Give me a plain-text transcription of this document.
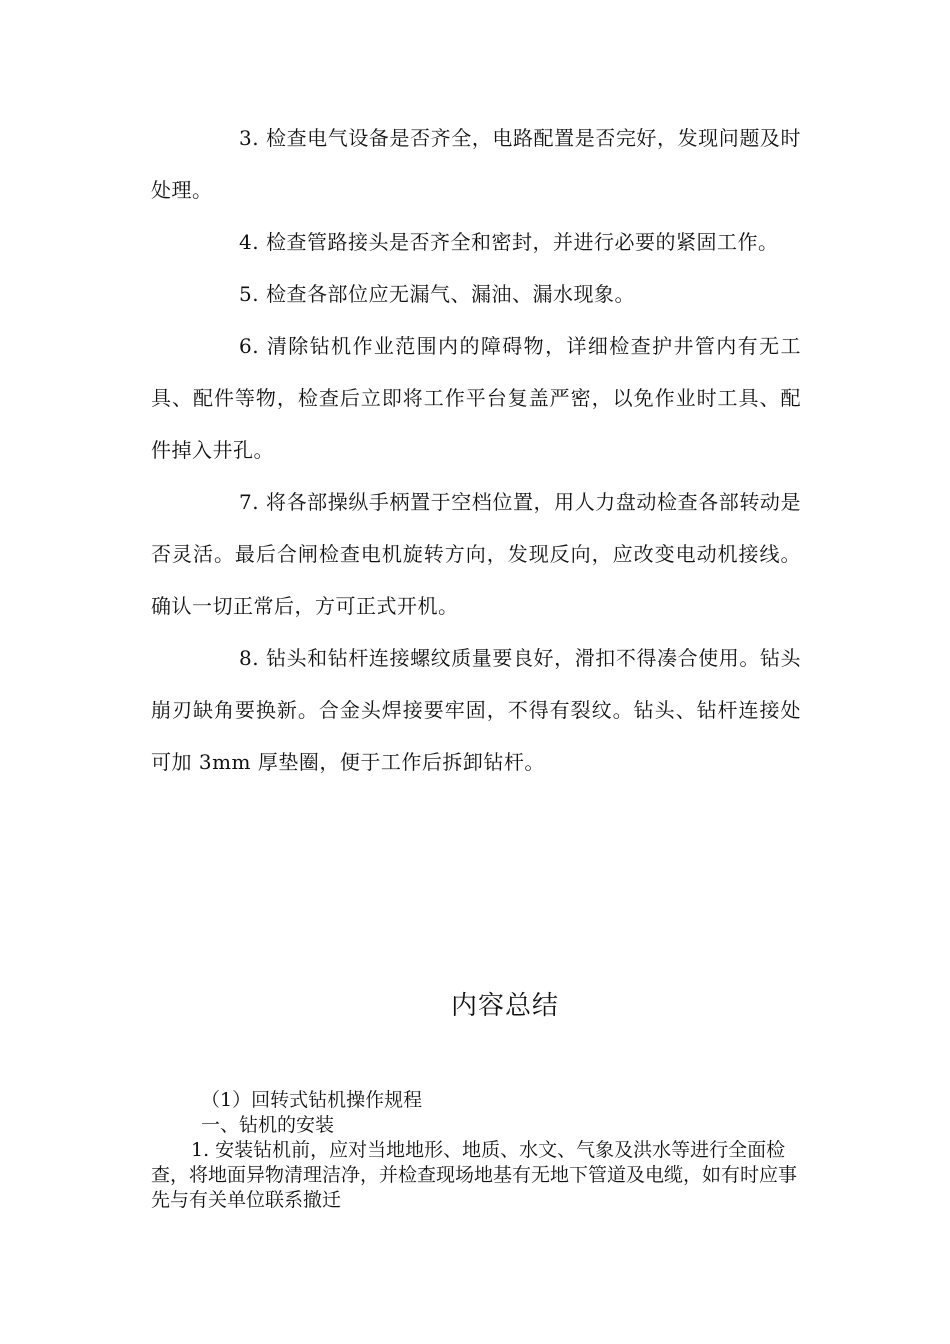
3. 检查电气设备是否齐全，电路配置是否完好，发现问题及时处理。

4. 检查管路接头是否齐全和密封，并进行必要的紧固工作。

5. 检查各部位应无漏气、漏油、漏水现象。

6. 清除钻机作业范围内的障碍物，详细检查护井管内有无工具、配件等物，检查后立即将工作平台复盖严密，以免作业时工具、配件掉入井孔。

7. 将各部操纵手柄置于空档位置，用人力盘动检查各部转动是否灵活。最后合闸检查电机旋转方向，发现反向，应改变电动机接线。确认一切正常后，方可正式开机。

8. 钻头和钻杆连接螺纹质量要良好，滑扣不得凑合使用。钻头崩刃缺角要换新。合金头焊接要牢固，不得有裂纹。钻头、钻杆连接处可加 3mm 厚垫圈，便于工作后拆卸钻杆。

内容总结

（1）回转式钻机操作规程

一、钻机的安装

1. 安装钻机前，应对当地地形、地质、水文、气象及洪水等进行全面检查，将地面异物清理洁净，并检查现场地基有无地下管道及电缆，如有时应事先与有关单位联系撤迁
